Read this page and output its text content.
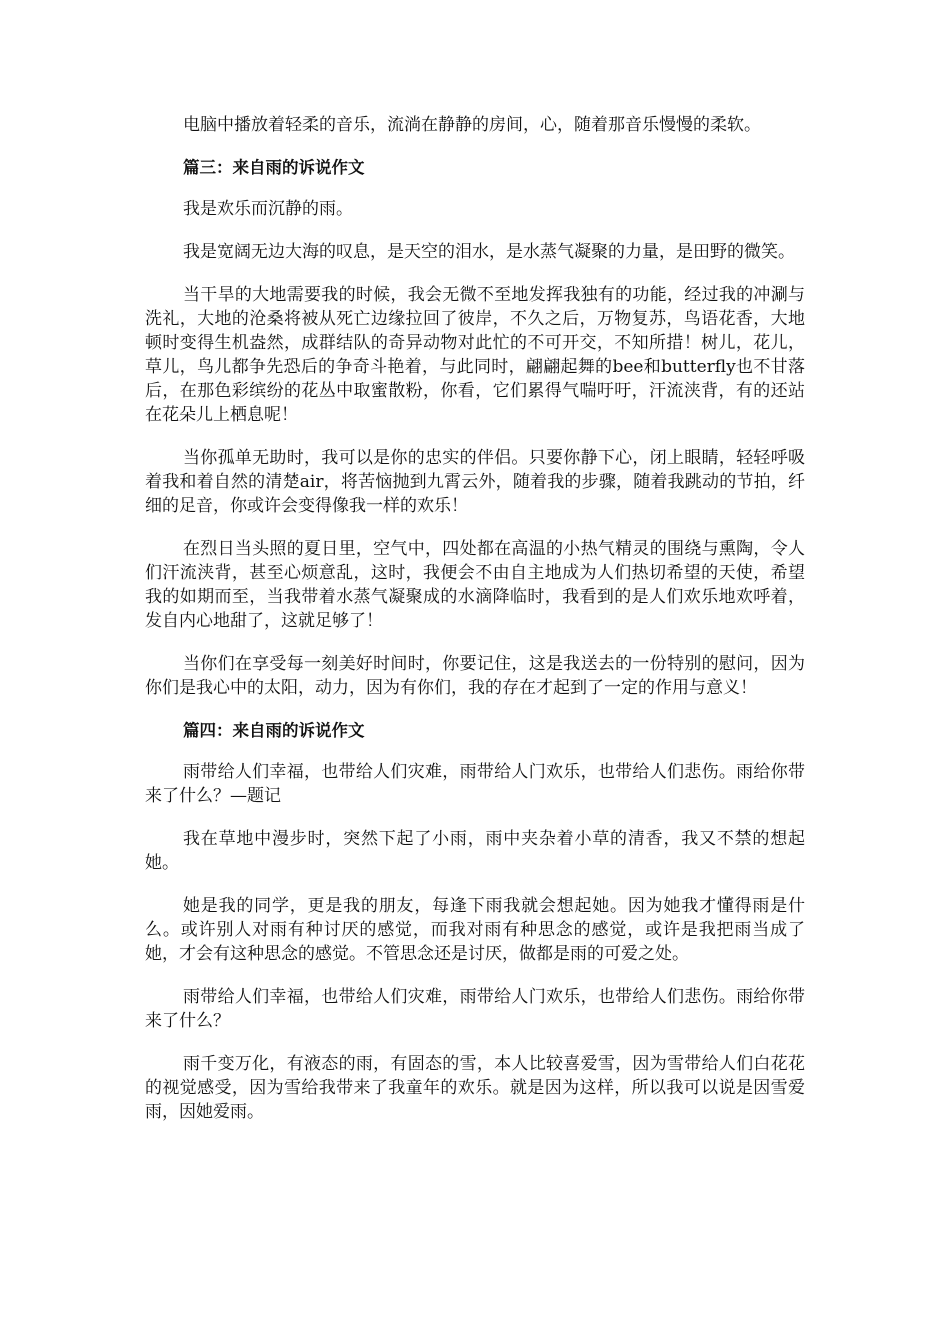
电脑中播放着轻柔的音乐，流淌在静静的房间，心，随着那音乐慢慢的柔软。

篇三：来自雨的诉说作文

我是欢乐而沉静的雨。

我是宽阔无边大海的叹息，是天空的泪水，是水蒸气凝聚的力量，是田野的微笑。

当干旱的大地需要我的时候，我会无微不至地发挥我独有的功能，经过我的冲涮与洗礼，大地的沧桑将被从死亡边缘拉回了彼岸，不久之后，万物复苏，鸟语花香，大地顿时变得生机盎然，成群结队的奇异动物对此忙的不可开交，不知所措！树儿，花儿，草儿，鸟儿都争先恐后的争奇斗艳着，与此同时，翩翩起舞的bee和butterfly也不甘落后，在那色彩缤纷的花丛中取蜜散粉，你看，它们累得气喘吁吁，汗流浃背，有的还站在花朵儿上栖息呢！

当你孤单无助时，我可以是你的忠实的伴侣。只要你静下心，闭上眼睛，轻轻呼吸着我和着自然的清楚air，将苦恼抛到九霄云外，随着我的步骤，随着我跳动的节拍，纤细的足音，你或许会变得像我一样的欢乐！

在烈日当头照的夏日里，空气中，四处都在高温的小热气精灵的围绕与熏陶，令人们汗流浃背，甚至心烦意乱，这时，我便会不由自主地成为人们热切希望的天使，希望我的如期而至，当我带着水蒸气凝聚成的水滴降临时，我看到的是人们欢乐地欢呼着，发自内心地甜了，这就足够了！

当你们在享受每一刻美好时间时，你要记住，这是我送去的一份特别的慰问，因为你们是我心中的太阳，动力，因为有你们，我的存在才起到了一定的作用与意义！

篇四：来自雨的诉说作文

雨带给人们幸福，也带给人们灾难，雨带给人门欢乐，也带给人们悲伤。雨给你带来了什么？—题记

我在草地中漫步时，突然下起了小雨，雨中夹杂着小草的清香，我又不禁的想起她。

她是我的同学，更是我的朋友，每逢下雨我就会想起她。因为她我才懂得雨是什么。或许别人对雨有种讨厌的感觉，而我对雨有种思念的感觉，或许是我把雨当成了她，才会有这种思念的感觉。不管思念还是讨厌，做都是雨的可爱之处。

雨带给人们幸福，也带给人们灾难，雨带给人门欢乐，也带给人们悲伤。雨给你带来了什么？

雨千变万化，有液态的雨，有固态的雪，本人比较喜爱雪，因为雪带给人们白花花的视觉感受，因为雪给我带来了我童年的欢乐。就是因为这样，所以我可以说是因雪爱雨，因她爱雨。
